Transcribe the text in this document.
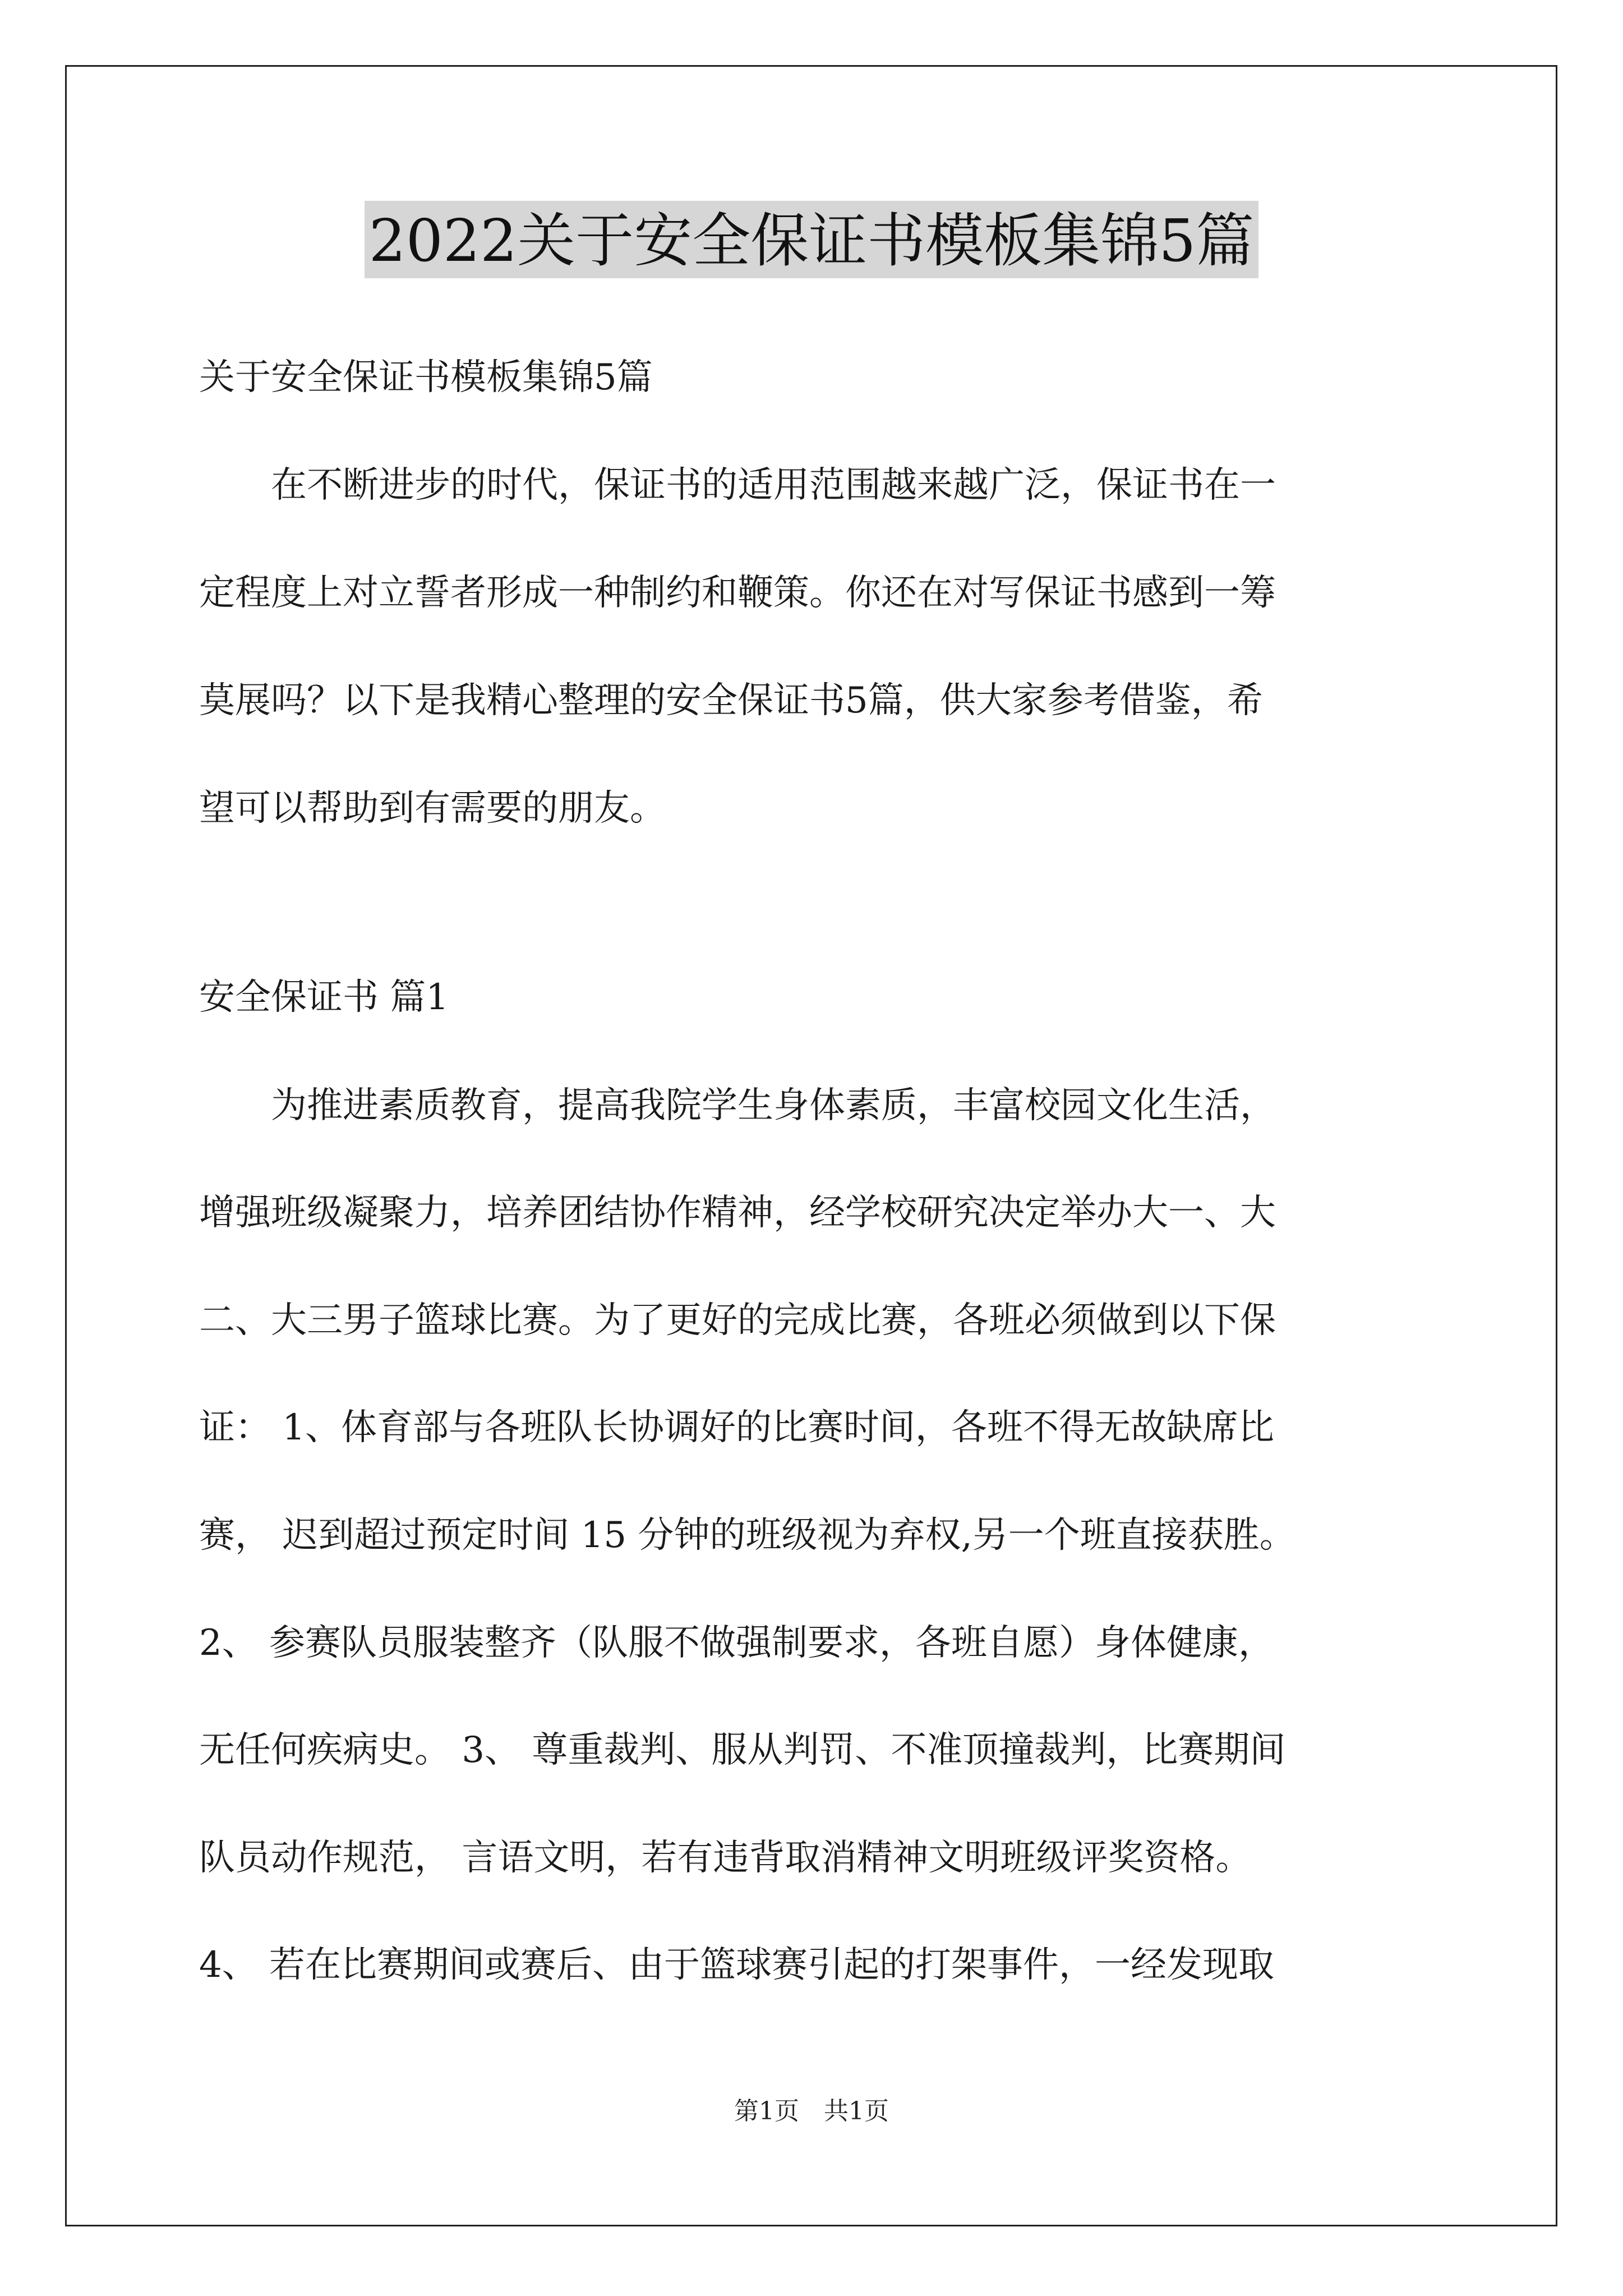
2022关于安全保证书模板集锦5篇

关于安全保证书模板集锦5篇

　　在不断进步的时代，保证书的适用范围越来越广泛，保证书在一

定程度上对立誓者形成一种制约和鞭策。你还在对写保证书感到一筹

莫展吗？以下是我精心整理的安全保证书5篇，供大家参考借鉴，希

望可以帮助到有需要的朋友。

安全保证书 篇1

　　为推进素质教育，提高我院学生身体素质，丰富校园文化生活，

增强班级凝聚力，培养团结协作精神，经学校研究决定举办大一、大

二、大三男子篮球比赛。为了更好的完成比赛，各班必须做到以下保

证： 1、体育部与各班队长协调好的比赛时间，各班不得无故缺席比

赛， 迟到超过预定时间 15 分钟的班级视为弃权,另一个班直接获胜。

2、 参赛队员服装整齐（队服不做强制要求，各班自愿）身体健康，

无任何疾病史。 3、 尊重裁判、服从判罚、不准顶撞裁判，比赛期间

队员动作规范， 言语文明，若有违背取消精神文明班级评奖资格。

4、 若在比赛期间或赛后、由于篮球赛引起的打架事件，一经发现取

第1页　共1页
